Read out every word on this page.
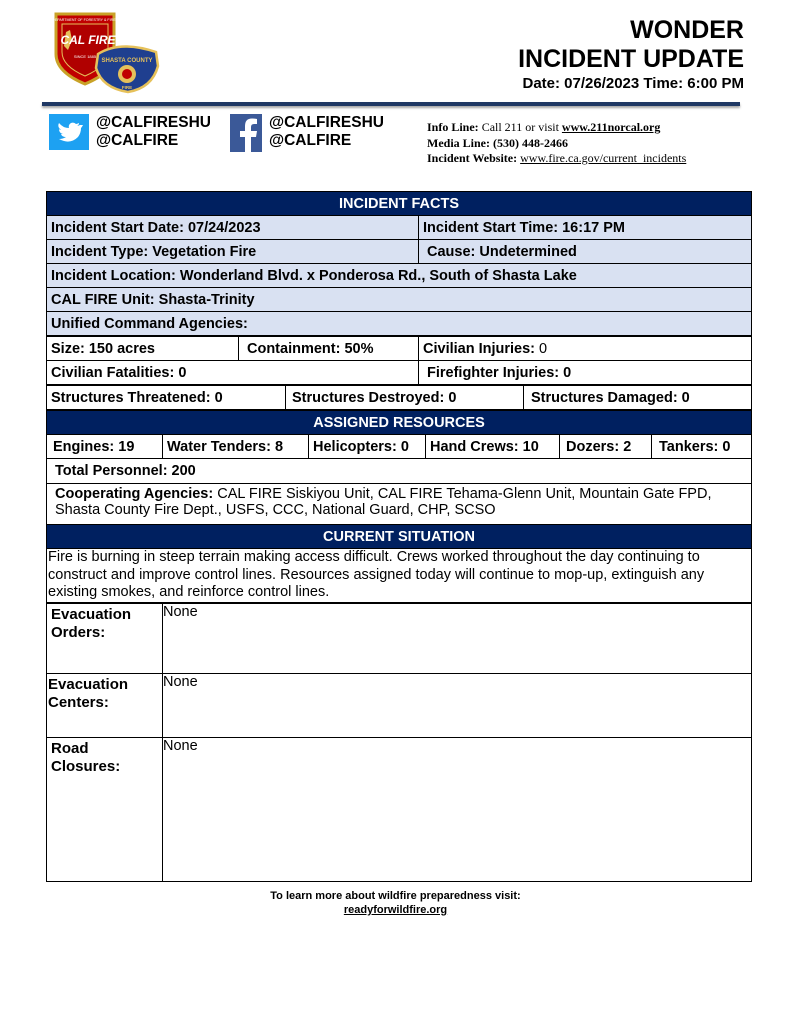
CALIFORNIA DEPARTMENT OF FORESTRY & FIRE PROTECTION
CAL FIRE
SINCE 1885
SHASTA COUNTY
FIRE
WONDER
INCIDENT UPDATE
Date: 07/26/2023 Time: 6:00 PM
@CALFIRESHU
@CALFIRE
@CALFIRESHU
@CALFIRE
Info Line: Call 211 or visit www.211norcal.org
Media Line: (530) 448-2466
Incident Website: www.fire.ca.gov/current_incidents
INCIDENT FACTS	
Incident Start Date: 07/24/2023	Incident Start Time: 16:17 PM
Incident Type: Vegetation Fire	Cause: Undetermined
Incident Location: Wonderland Blvd. x Ponderosa Rd., South of Shasta Lake	
CAL FIRE Unit: Shasta-Trinity	
Unified Command Agencies:	
Size: 150 acres	Containment: 50%	Civilian Injuries: 0
Civilian Fatalities: 0		Firefighter Injuries: 0
Structures Threatened: 0	Structures Destroyed: 0	Structures Damaged: 0
ASSIGNED RESOURCES
Engines: 19	Water Tenders: 8	Helicopters: 0	Hand Crews: 10	Dozers: 2	Tankers: 0
Total Personnel: 200
Cooperating Agencies: CAL FIRE Siskiyou Unit, CAL FIRE Tehama-Glenn Unit, Mountain Gate FPD, Shasta County Fire Dept., USFS, CCC, National Guard, CHP, SCSO
CURRENT SITUATION
Fire is burning in steep terrain making access difficult. Crews worked throughout the day continuing to construct and improve control lines. Resources assigned today will continue to mop-up, extinguish any existing smokes, and reinforce control lines.
Evacuation Orders:	None
Evacuation Centers:	None
Road Closures:	None
To learn more about wildfire preparedness visit:
readyforwildfire.org
